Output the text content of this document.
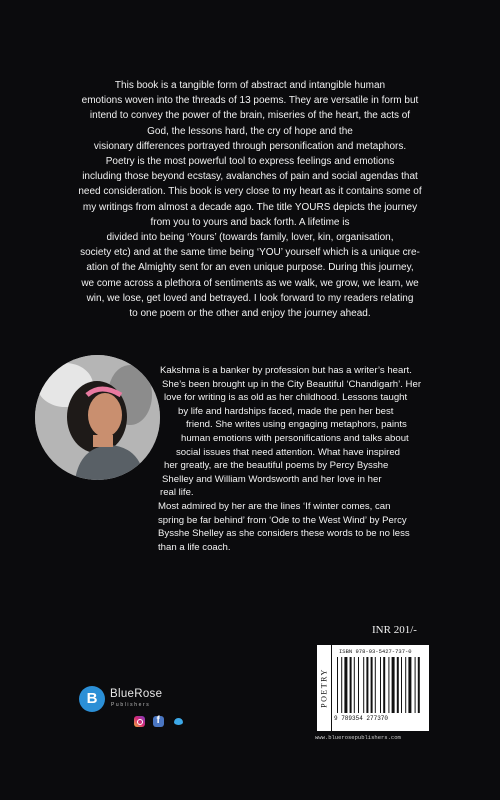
This book is a tangible form of abstract and intangible human

emotions woven into the threads of 13 poems. They are versatile in form but

intend to convey the power of the brain, miseries of the heart, the acts of

God, the lessons hard, the cry of hope and the

visionary differences portrayed through personification and metaphors.

Poetry is the most powerful tool to express feelings and emotions

including those beyond ecstasy, avalanches of pain and social agendas that

need consideration. This book is very close to my heart as it contains some of

my writings from almost a decade ago. The title YOURS depicts the journey

from you to yours and back forth. A lifetime is

divided into being ‘Yours’ (towards family, lover, kin, organisation,

society etc) and at the same time being ‘YOU’ yourself which is a unique cre-

ation of the Almighty sent for an even unique purpose. During this journey,

we come across a plethora of sentiments as we walk, we grow, we learn, we

win, we lose, get loved and betrayed. I look forward to my readers relating

to one poem or the other and enjoy the journey ahead.

Kakshma is a banker by profession but has a writer’s heart.
She’s been brought up in the City Beautiful ‘Chandigarh’. Her
love for writing is as old as her childhood. Lessons taught
by life and hardships faced, made the pen her best
friend. She writes using engaging metaphors, paints
human emotions with personifications and talks about
social issues that need attention. What have inspired
her greatly, are the beautiful poems by Percy Bysshe
Shelley and William Wordsworth and her love in her
real life.
Most admired by her are the lines ‘If winter comes, can
spring be far behind’ from ‘Ode to the West Wind’ by Percy
Bysshe Shelley as she considers these words to be no less
than a life coach.
INR 201/-
POETRY
ISBN 978-93-5427-737-0
9 789354 277370
www.bluerosepublishers.com
B	BlueRose
Publishers
f
